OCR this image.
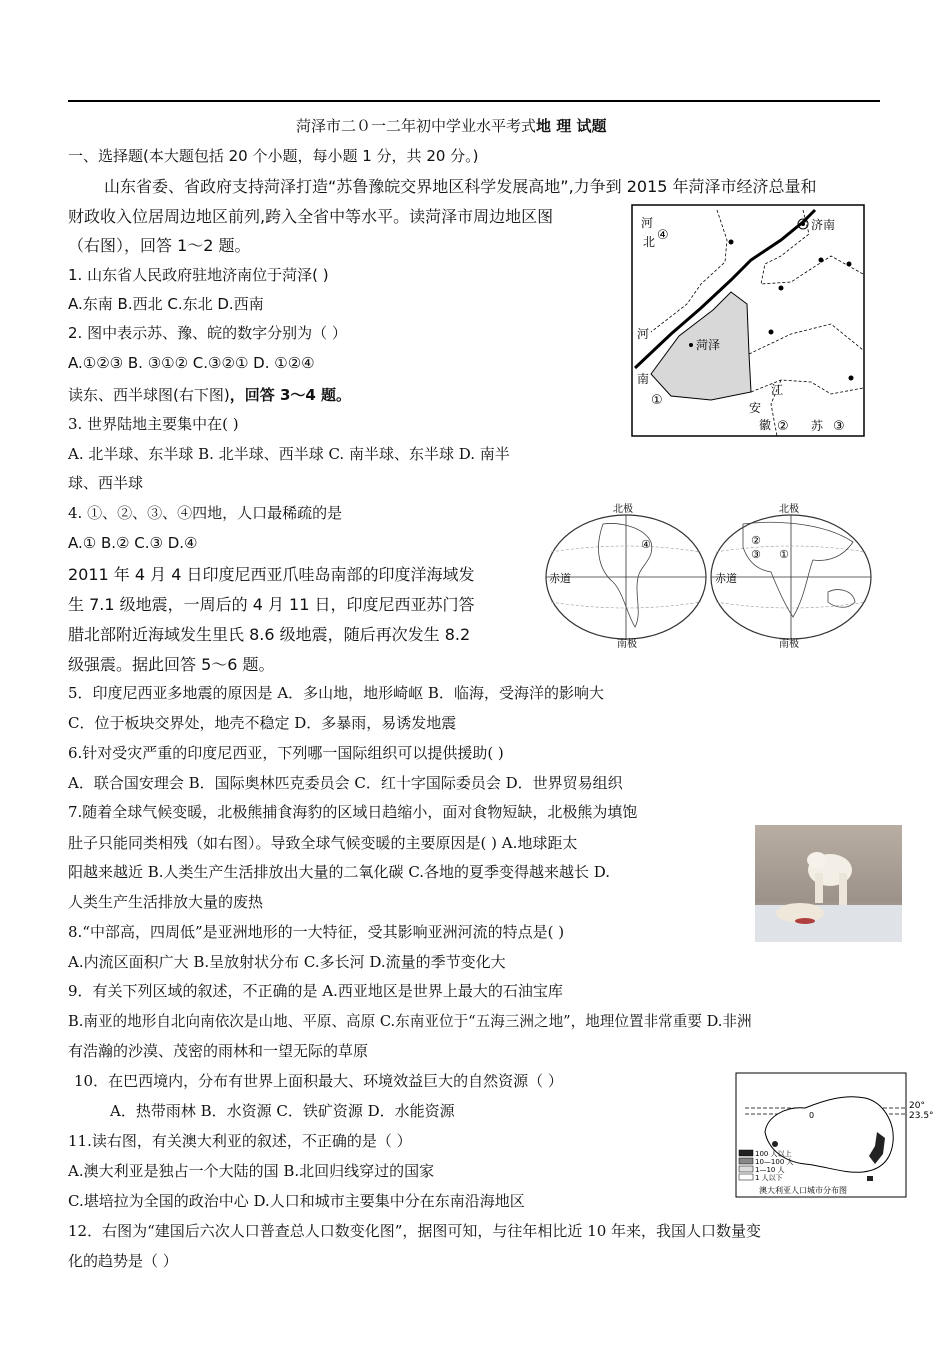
菏泽市二０一二年初中学业水平考式地 理 试题
一、选择题(本大题包括 20 个小题，每小题 1 分，共 20 分。)
山东省委、省政府支持菏泽打造“苏鲁豫皖交界地区科学发展高地”,力争到 2015 年菏泽市经济总量和
财政收入位居周边地区前列,跨入全省中等水平。读菏泽市周边地区图
（右图），回答 1～2 题。
1. 山东省人民政府驻地济南位于菏泽( )
A.东南 B.西北 C.东北 D.西南
2. 图中表示苏、豫、皖的数字分别为（ ）
A.①②③ B. ③①② C.③②① D. ①②④
读东、西半球图(右下图)，回答 3～4 题。
3. 世界陆地主要集中在( )
A. 北半球、东半球 B. 北半球、西半球 C. 南半球、东半球 D. 南半
球、西半球
4. ①、②、③、④四地，人口最稀疏的是
A.① B.② C.③ D.④
2011 年 4 月 4 日印度尼西亚爪哇岛南部的印度洋海域发
生 7.1 级地震，一周后的 4 月 11 日，印度尼西亚苏门答
腊北部附近海域发生里氏 8.6 级地震，随后再次发生 8.2
级强震。据此回答 5～6 题。
5．印度尼西亚多地震的原因是 A．多山地，地形崎岖 B．临海，受海洋的影响大
C．位于板块交界处，地壳不稳定 D．多暴雨，易诱发地震
6.针对受灾严重的印度尼西亚，下列哪一国际组织可以提供援助( )
A．联合国安理会 B．国际奥林匹克委员会 C．红十字国际委员会 D．世界贸易组织
7.随着全球气候变暖，北极熊捕食海豹的区域日趋缩小，面对食物短缺，北极熊为填饱
肚子只能同类相残（如右图）。导致全球气候变暖的主要原因是( ) A.地球距太
阳越来越近 B.人类生产生活排放出大量的二氧化碳 C.各地的夏季变得越来越长 D.
人类生产生活排放大量的废热
8.“中部高，四周低”是亚洲地形的一大特征，受其影响亚洲河流的特点是( )
A.内流区面积广大 B.呈放射状分布 C.多长河 D.流量的季节变化大
9．有关下列区域的叙述，不正确的是 A.西亚地区是世界上最大的石油宝库
B.南亚的地形自北向南依次是山地、平原、高原 C.东南亚位于“五海三洲之地”，地理位置非常重要 D.非洲
有浩瀚的沙漠、茂密的雨林和一望无际的草原
10．在巴西境内，分布有世界上面积最大、环境效益巨大的自然资源（ ）
A．热带雨林 B．水资源 C．铁矿资源 D．水能资源
11.读右图，有关澳大利亚的叙述，不正确的是（ ）
A.澳大利亚是独占一个大陆的国 B.北回归线穿过的国家
C.堪培拉为全国的政治中心 D.人口和城市主要集中分在东南沿海地区
12．右图为“建国后六次人口普查总人口数变化图”，据图可知，与往年相比近 10 年来，我国人口数量变
化的趋势是（ ）
河
北 ④
济南
菏泽
河
南
①
江
安
徽 ② 苏 ③
北极	北极
赤道	赤道
南极	南极
④	②
③ ①
100 人以上
10—100 人
1—10 人
1 人以下
20°
23.5°
0
澳大利亚人口城市分布图
